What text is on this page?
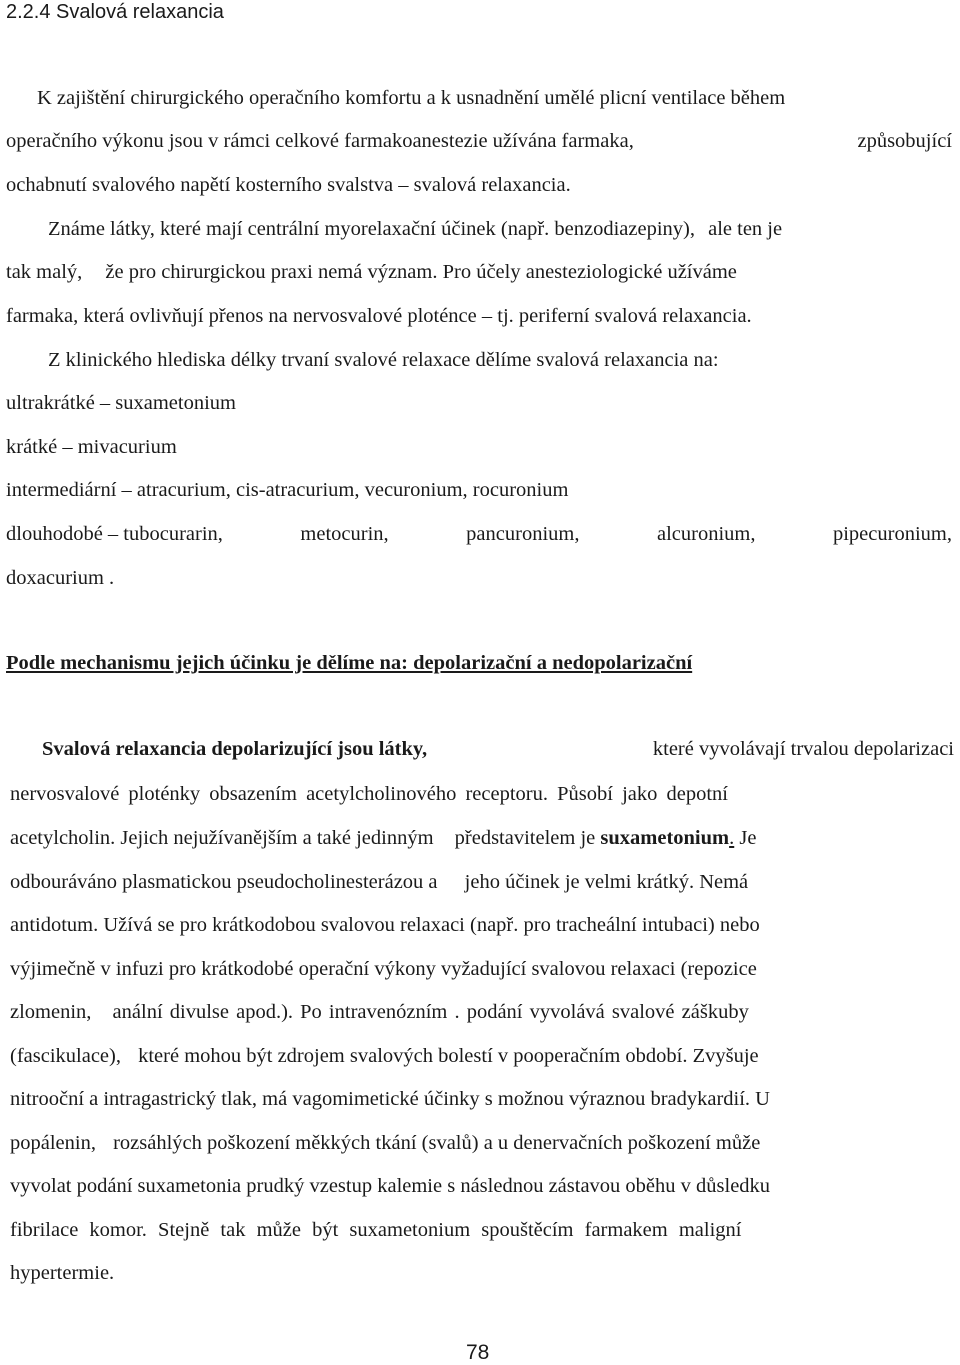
2.2.4 Svalová relaxancia
K zajištění chirurgického operačního komfortu a k usnadnění umělé plicní ventilace během
operačního výkonu jsou v rámci celkové farmakoanestezie užívána farmaka,	způsobující
ochabnutí svalového napětí kosterního svalstva – svalová relaxancia.
Známe látky, které mají centrální myorelaxační účinek (např. benzodiazepiny), ale ten je
tak malý, že pro chirurgickou praxi nemá význam. Pro účely anesteziologické užíváme
farmaka, která ovlivňují přenos na nervosvalové ploténce – tj. periferní svalová relaxancia.
Z klinického hlediska délky trvaní svalové relaxace dělíme svalová relaxancia na:
ultrakrátké – suxametonium
krátké – mivacurium
intermediární – atracurium, cis-atracurium, vecuronium, rocuronium
dlouhodobé – tubocurarin,	metocurin,	pancuronium,	alcuronium,	pipecuronium,
doxacurium .
Podle mechanismu jejich účinku je dělíme na: depolarizační a nedopolarizační
Svalová relaxancia depolarizující jsou látky,	které vyvolávají trvalou depolarizaci
nervosvalové ploténky obsazením acetylcholinového receptoru. Působí jako depotní
acetylcholin. Jejich nejužívanějším a také jedinným představitelem je suxametonium. Je
odbouráváno plasmatickou pseudocholinesterázou a jeho účinek je velmi krátký. Nemá
antidotum. Užívá se pro krátkodobou svalovou relaxaci (např. pro tracheální intubaci) nebo
výjimečně v infuzi pro krátkodobé operační výkony vyžadující svalovou relaxaci (repozice
zlomenin, anální divulse apod.). Po intravenózním . podání vyvolává svalové záškuby
(fascikulace), které mohou být zdrojem svalových bolestí v pooperačním období. Zvyšuje
nitrooční a intragastrický tlak, má vagomimetické účinky s možnou výraznou bradykardií. U
popálenin, rozsáhlých poškození měkkých tkání (svalů) a u denervačních poškození může
vyvolat podání suxametonia prudký vzestup kalemie s následnou zástavou oběhu v důsledku
fibrilace komor. Stejně tak může být suxametonium spouštěcím farmakem maligní
hypertermie.
78
